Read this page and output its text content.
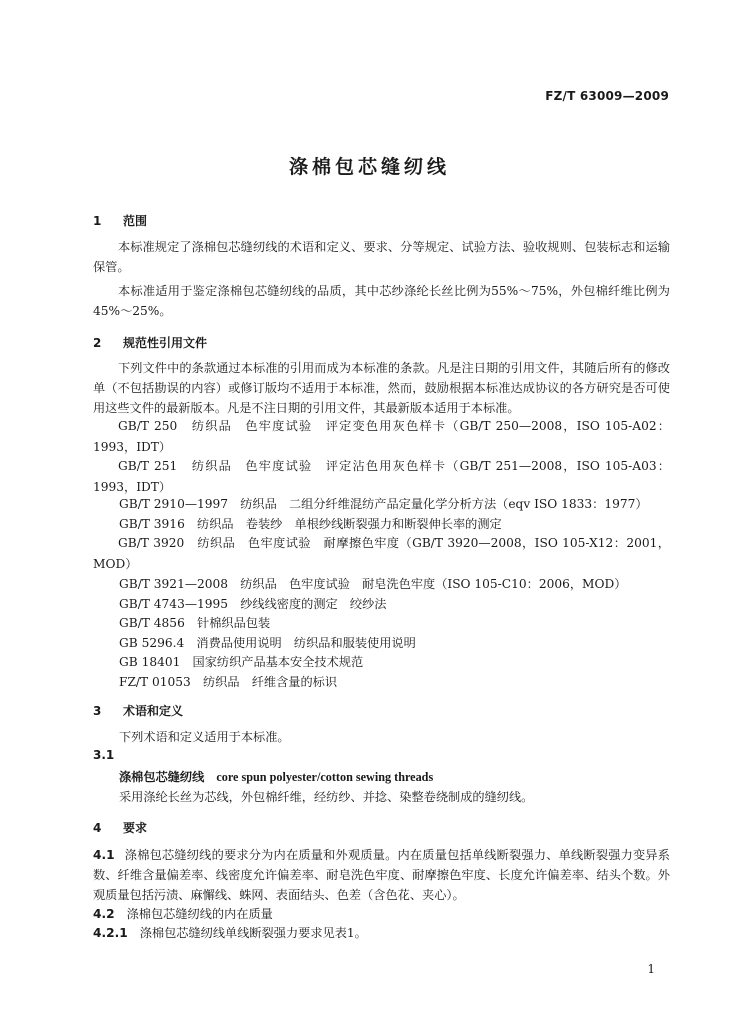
FZ/T 63009—2009
涤棉包芯缝纫线
1 范围
本标准规定了涤棉包芯缝纫线的术语和定义、要求、分等规定、试验方法、验收规则、包装标志和运输保管。
本标准适用于鉴定涤棉包芯缝纫线的品质，其中芯纱涤纶长丝比例为55%～75%，外包棉纤维比例为45%～25%。
2 规范性引用文件
下列文件中的条款通过本标准的引用而成为本标准的条款。凡是注日期的引用文件，其随后所有的修改单（不包括勘误的内容）或修订版均不适用于本标准，然而，鼓励根据本标准达成协议的各方研究是否可使用这些文件的最新版本。凡是不注日期的引用文件，其最新版本适用于本标准。
GB/T 250　纺织品　色牢度试验　评定变色用灰色样卡（GB/T 250—2008，ISO 105-A02：1993，IDT）
GB/T 251　纺织品　色牢度试验　评定沾色用灰色样卡（GB/T 251—2008，ISO 105-A03：1993，IDT）
GB/T 2910—1997　纺织品　二组分纤维混纺产品定量化学分析方法（eqv ISO 1833：1977）
GB/T 3916　纺织品　卷装纱　单根纱线断裂强力和断裂伸长率的测定
GB/T 3920　纺织品　色牢度试验　耐摩擦色牢度（GB/T 3920—2008，ISO 105-X12：2001，MOD）
GB/T 3921—2008　纺织品　色牢度试验　耐皂洗色牢度（ISO 105-C10：2006，MOD）
GB/T 4743—1995　纱线线密度的测定　绞纱法
GB/T 4856　针棉织品包装
GB 5296.4　消费品使用说明　纺织品和服装使用说明
GB 18401　国家纺织产品基本安全技术规范
FZ/T 01053　纺织品　纤维含量的标识
3 术语和定义
下列术语和定义适用于本标准。
3.1
涤棉包芯缝纫线 core spun polyester/cotton sewing threads
采用涤纶长丝为芯线，外包棉纤维，经纺纱、并捻、染整卷绕制成的缝纫线。
4 要求
4.1 涤棉包芯缝纫线的要求分为内在质量和外观质量。内在质量包括单线断裂强力、单线断裂强力变异系数、纤维含量偏差率、线密度允许偏差率、耐皂洗色牢度、耐摩擦色牢度、长度允许偏差率、结头个数。外观质量包括污渍、麻懈线、蛛网、表面结头、色差（含色花、夹心）。
4.2 涤棉包芯缝纫线的内在质量
4.2.1 涤棉包芯缝纫线单线断裂强力要求见表1。
1
